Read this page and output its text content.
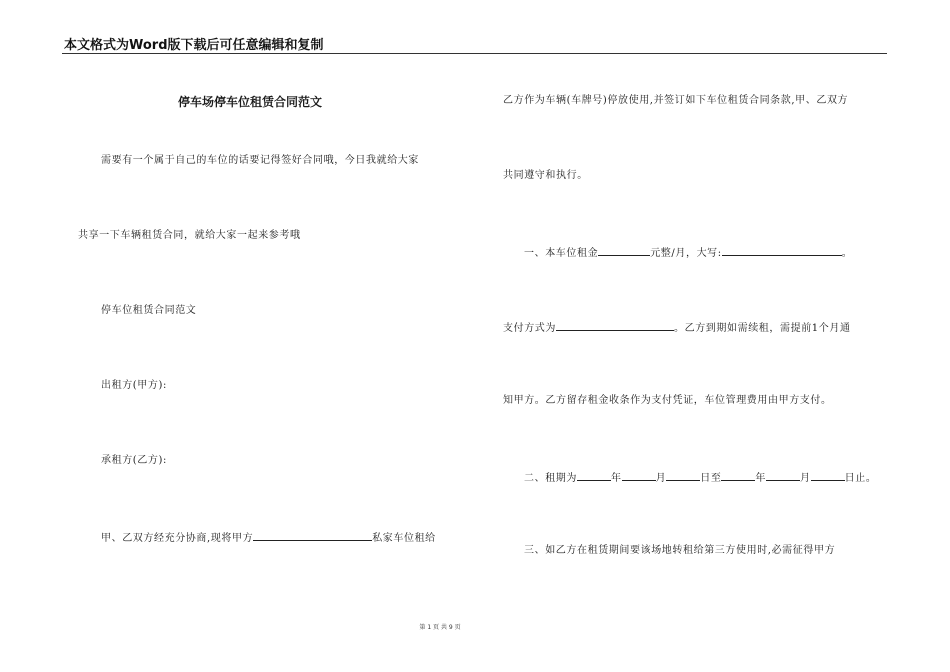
本文格式为Word版下载后可任意编辑和复制
停车场停车位租赁合同范文
需要有一个属于自己的车位的话要记得签好合同哦，今日我就给大家
共享一下车辆租赁合同，就给大家一起来参考哦
停车位租赁合同范文
出租方(甲方):
承租方(乙方):
甲、乙双方经充分协商,现将甲方	私家车位租给
乙方作为车辆(车牌号)停放使用,并签订如下车位租赁合同条款,甲、乙双方
共同遵守和执行。
一、本车位租金	元整/月，大写:	。
支付方式为	。乙方到期如需续租，需提前1个月通
知甲方。乙方留存租金收条作为支付凭证，车位管理费用由甲方支付。
二、租期为	年	月	日至	年	月	日止。
三、如乙方在租赁期间要该场地转租给第三方使用时,必需征得甲方
第 1 页 共 9 页
